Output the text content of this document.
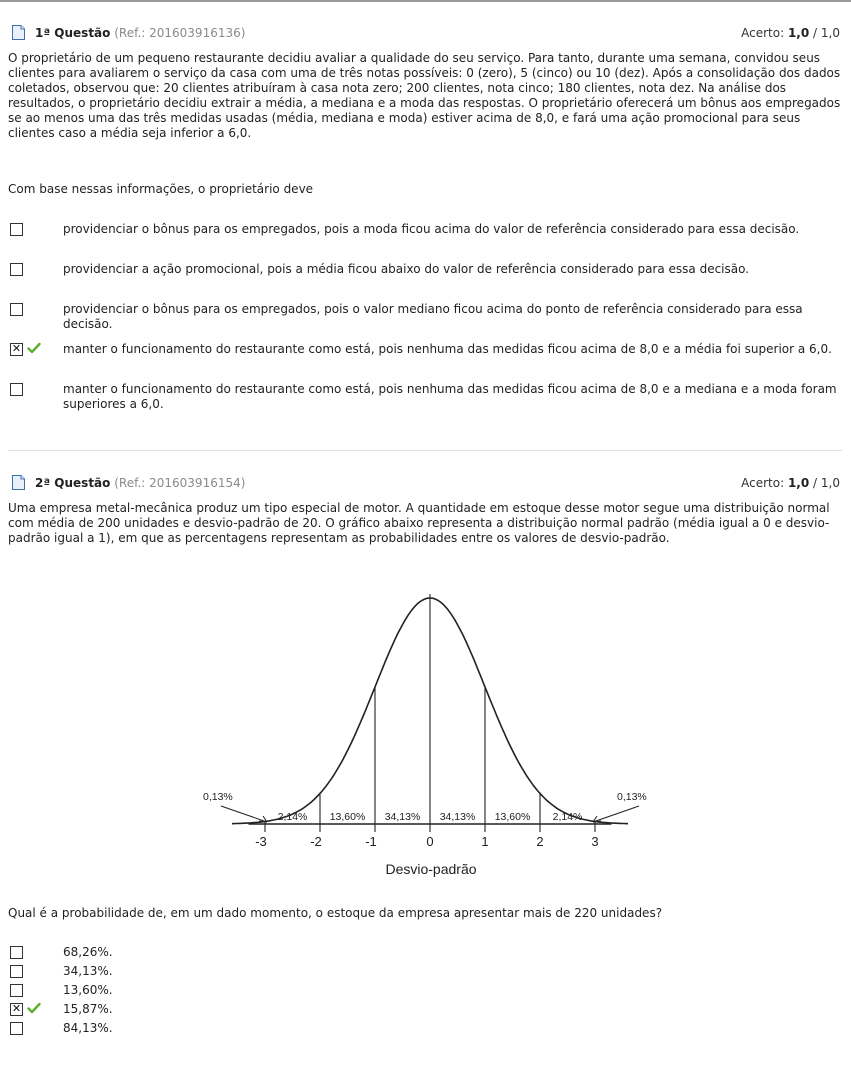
1ª Questão (Ref.: 201603916136)	Acerto: 1,0 / 1,0

O proprietário de um pequeno restaurante decidiu avaliar a qualidade do seu serviço. Para tanto, durante uma semana, convidou seus clientes para avaliarem o serviço da casa com uma de três notas possíveis: 0 (zero), 5 (cinco) ou 10 (dez). Após a consolidação dos dados coletados, observou que: 20 clientes atribuíram à casa nota zero; 200 clientes, nota cinco; 180 clientes, nota dez. Na análise dos resultados, o proprietário decidiu extrair a média, a mediana e a moda das respostas. O proprietário oferecerá um bônus aos empregados se ao menos uma das três medidas usadas (média, mediana e moda) estiver acima de 8,0, e fará uma ação promocional para seus clientes caso a média seja inferior a 6,0.

Com base nessas informações, o proprietário deve

providenciar o bônus para os empregados, pois a moda ficou acima do valor de referência considerado para essa decisão.
providenciar a ação promocional, pois a média ficou abaixo do valor de referência considerado para essa decisão.
providenciar o bônus para os empregados, pois o valor mediano ficou acima do ponto de referência considerado para essa decisão.
✕
manter o funcionamento do restaurante como está, pois nenhuma das medidas ficou acima de 8,0 e a média foi superior a 6,0.
manter o funcionamento do restaurante como está, pois nenhuma das medidas ficou acima de 8,0 e a mediana e a moda foram superiores a 6,0.
2ª Questão (Ref.: 201603916154)	Acerto: 1,0 / 1,0

Uma empresa metal-mecânica produz um tipo especial de motor. A quantidade em estoque desse motor segue uma distribuição normal com média de 200 unidades e desvio-padrão de 20. O gráfico abaixo representa a distribuição normal padrão (média igual a 0 e desvio-padrão igual a 1), em que as percentagens representam as probabilidades entre os valores de desvio-padrão.

-3	-2	-1	0	1	2	3
2,14% 13,60% 34,13% 34,13% 13,60% 2,14%
0,13%	0,13%
Desvio-padrão

Qual é a probabilidade de, em um dado momento, o estoque da empresa apresentar mais de 220 unidades?

68,26%.
34,13%.
13,60%.
✕
15,87%.
84,13%.
